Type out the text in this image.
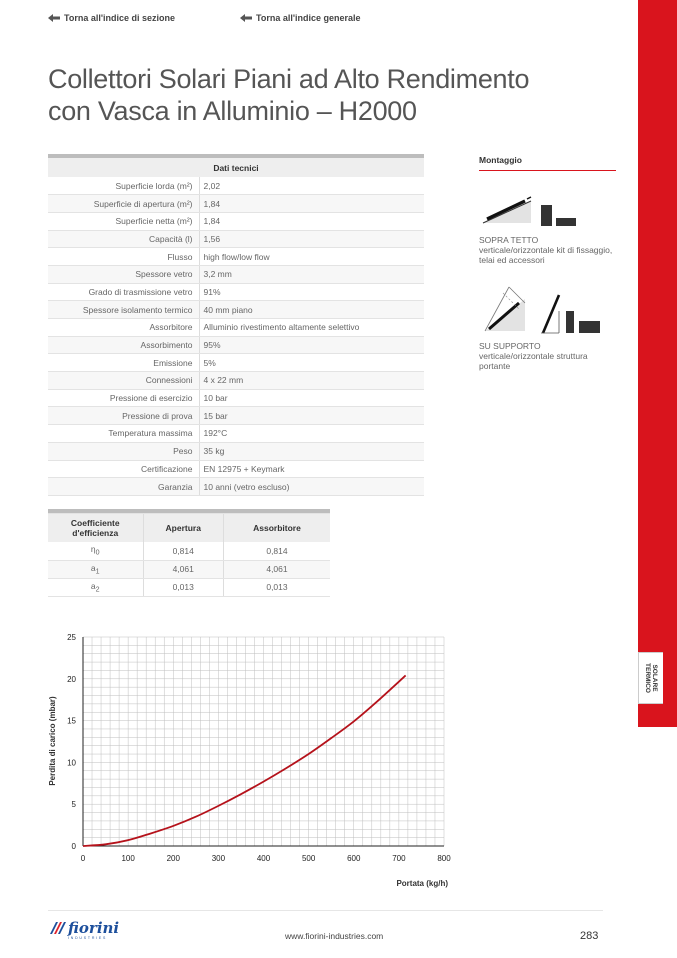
Torna all'indice di sezione	Torna all'indice generale
SOLARE
TERMICO
Collettori Solari Piani ad Alto Rendimento
con Vasca in Alluminio – H2000

Dati tecnici	
Superficie lorda (m²)	2,02
Superficie di apertura (m²)	1,84
Superficie netta (m²)	1,84
Capacità (l)	1,56
Flusso	high flow/low flow
Spessore vetro	3,2 mm
Grado di trasmissione vetro	91%
Spessore isolamento termico	40 mm piano
Assorbitore	Alluminio rivestimento altamente selettivo
Assorbimento	95%
Emissione	5%
Connessioni	4 x 22 mm
Pressione di esercizio	10 bar
Pressione di prova	15 bar
Temperatura massima	192°C
Peso	35 kg
Certificazione	EN 12975 + Keymark
Garanzia	10 anni (vetro escluso)

Coefficiente d'efficienza	Apertura	Assorbitore
$\eta_0$	0,814	0,814
$a_1$	4,061	4,061
$a_2$	0,013	0,013
Montaggio
SOPRA TETTO
verticale/orizzontale kit di fissaggio, telai ed accessori
SU SUPPORTO
verticale/orizzontale struttura portante
0	100	200	300	400	500	600	700	800
0
5
10
15
20
25
Perdita di carico (mbar)
Portata (kg/h)
fiorini
INDUSTRIES	www.fiorini-industries.com	283
